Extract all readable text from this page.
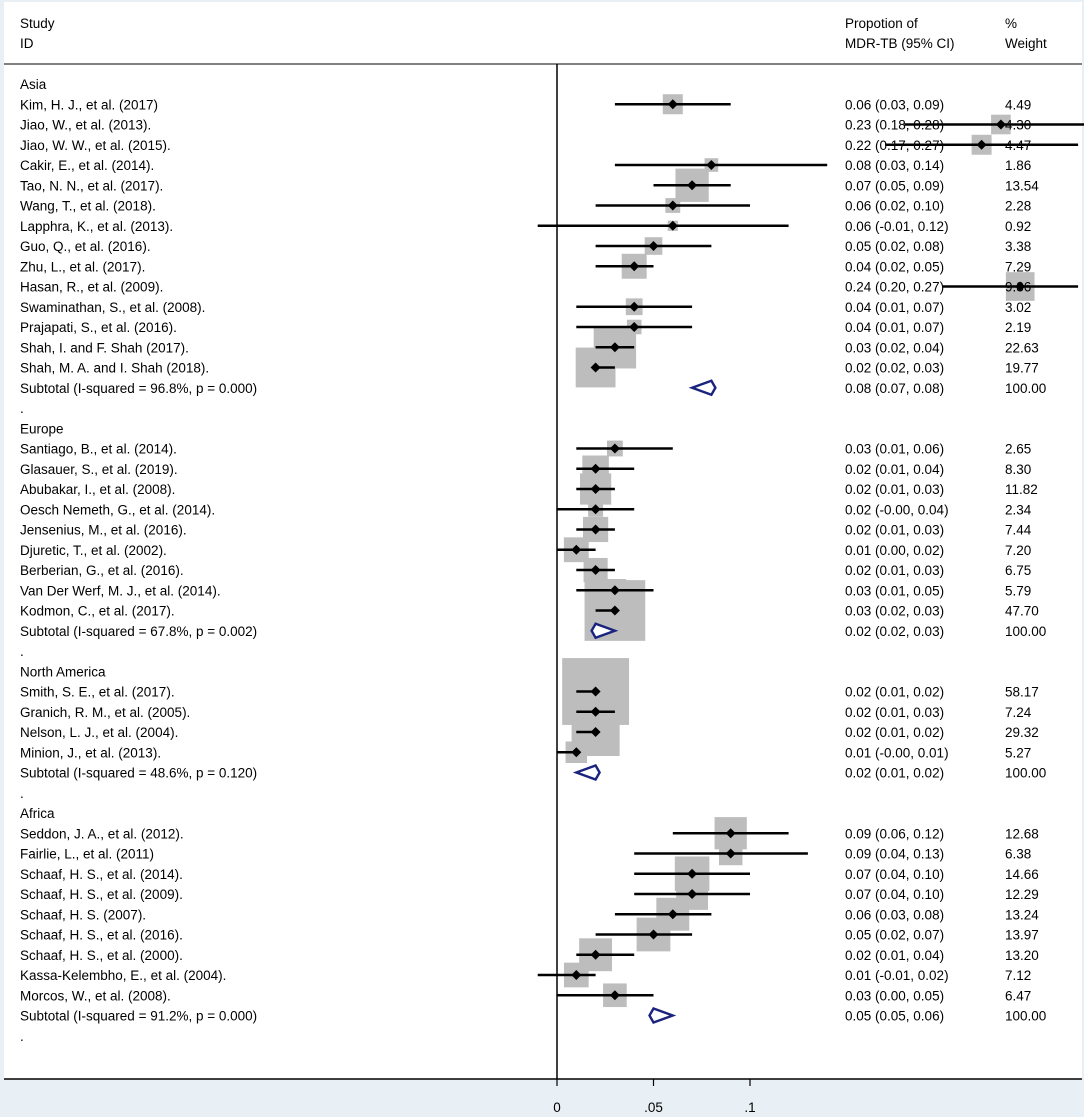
Study
ID
Propotion of
MDR-TB (95% CI)
%
Weight
Asia
Kim, H. J., et al. (2017)	0.06 (0.03, 0.09)	4.49
Jiao, W., et al. (2013).	0.23 (0.18, 0.28)	4.30
Jiao, W. W., et al. (2015).	0.22 (0.17, 0.27)	4.47
Cakir, E., et al. (2014).	0.08 (0.03, 0.14)	1.86
Tao, N. N., et al. (2017).	0.07 (0.05, 0.09)	13.54
Wang, T., et al. (2018).	0.06 (0.02, 0.10)	2.28
Lapphra, K., et al. (2013).	0.06 (-0.01, 0.12)	0.92
Guo, Q., et al. (2016).	0.05 (0.02, 0.08)	3.38
Zhu, L., et al. (2017).	0.04 (0.02, 0.05)	7.29
Hasan, R., et al. (2009).	0.24 (0.20, 0.27)	9.86
Swaminathan, S., et al. (2008).	0.04 (0.01, 0.07)	3.02
Prajapati, S., et al. (2016).	0.04 (0.01, 0.07)	2.19
Shah, I. and F. Shah (2017).	0.03 (0.02, 0.04)	22.63
Shah, M. A. and I. Shah (2018).	0.02 (0.02, 0.03)	19.77
Subtotal (I-squared = 96.8%, p = 0.000)	0.08 (0.07, 0.08)	100.00
.
Europe
Santiago, B., et al. (2014).	0.03 (0.01, 0.06)	2.65
Glasauer, S., et al. (2019).	0.02 (0.01, 0.04)	8.30
Abubakar, I., et al. (2008).	0.02 (0.01, 0.03)	11.82
Oesch Nemeth, G., et al. (2014).	0.02 (-0.00, 0.04)	2.34
Jensenius, M., et al. (2016).	0.02 (0.01, 0.03)	7.44
Djuretic, T., et al. (2002).	0.01 (0.00, 0.02)	7.20
Berberian, G., et al. (2016).	0.02 (0.01, 0.03)	6.75
Van Der Werf, M. J., et al. (2014).	0.03 (0.01, 0.05)	5.79
Kodmon, C., et al. (2017).	0.03 (0.02, 0.03)	47.70
Subtotal (I-squared = 67.8%, p = 0.002)	0.02 (0.02, 0.03)	100.00
.
North America
Smith, S. E., et al. (2017).	0.02 (0.01, 0.02)	58.17
Granich, R. M., et al. (2005).	0.02 (0.01, 0.03)	7.24
Nelson, L. J., et al. (2004).	0.02 (0.01, 0.02)	29.32
Minion, J., et al. (2013).	0.01 (-0.00, 0.01)	5.27
Subtotal (I-squared = 48.6%, p = 0.120)	0.02 (0.01, 0.02)	100.00
.
Africa
Seddon, J. A., et al. (2012).	0.09 (0.06, 0.12)	12.68
Fairlie, L., et al. (2011)	0.09 (0.04, 0.13)	6.38
Schaaf, H. S., et al. (2014).	0.07 (0.04, 0.10)	14.66
Schaaf, H. S., et al. (2009).	0.07 (0.04, 0.10)	12.29
Schaaf, H. S. (2007).	0.06 (0.03, 0.08)	13.24
Schaaf, H. S., et al. (2016).	0.05 (0.02, 0.07)	13.97
Schaaf, H. S., et al. (2000).	0.02 (0.01, 0.04)	13.20
Kassa-Kelembho, E., et al. (2004).	0.01 (-0.01, 0.02)	7.12
Morcos, W., et al. (2008).	0.03 (0.00, 0.05)	6.47
Subtotal (I-squared = 91.2%, p = 0.000)	0.05 (0.05, 0.06)	100.00
.
0	.05	.1
